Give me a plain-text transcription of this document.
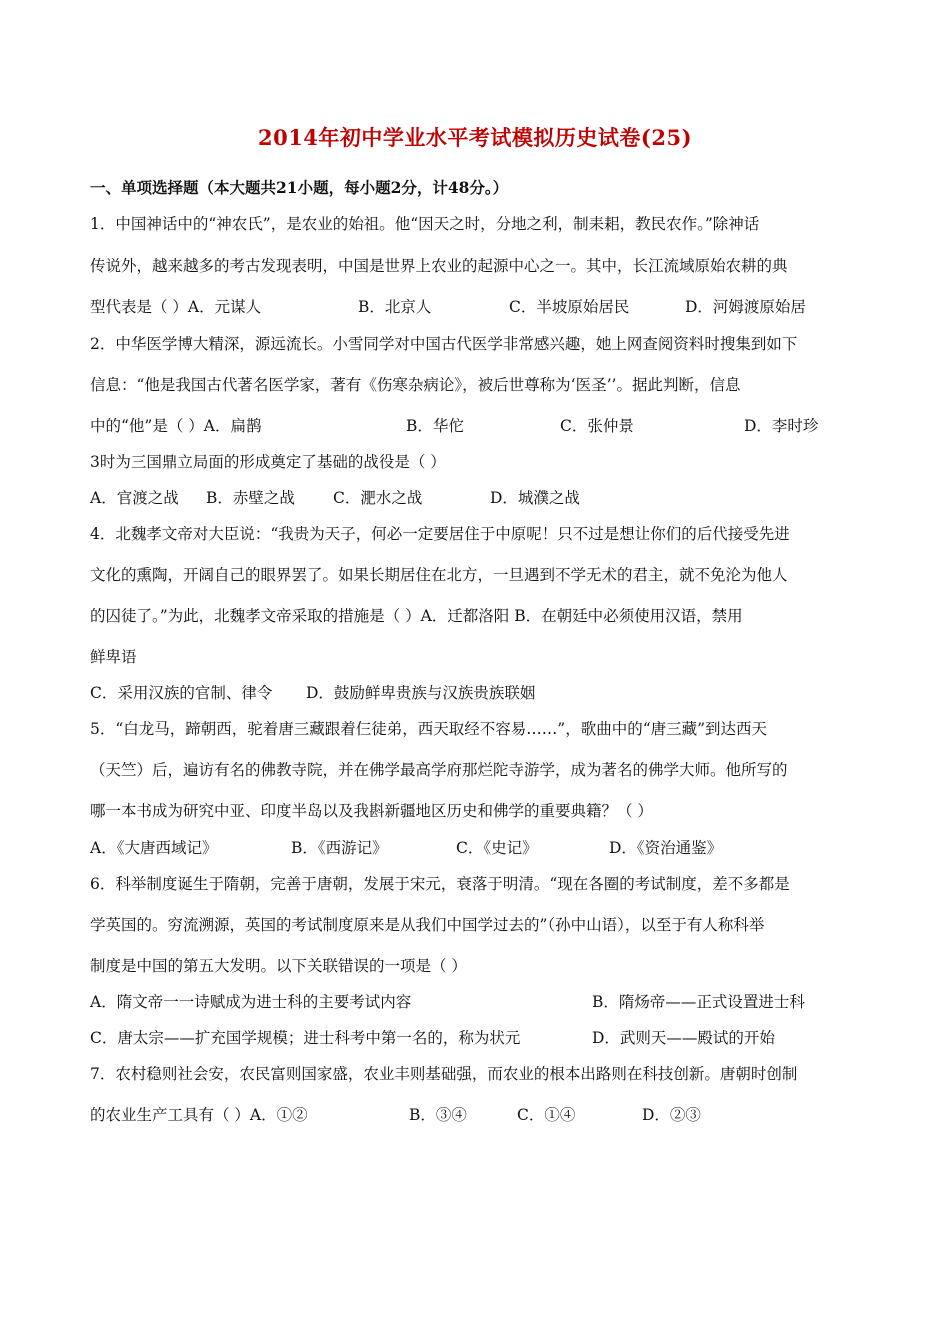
2014年初中学业水平考试模拟历史试卷(25)
一、单项选择题（本大题共21小题，每小题2分，计48分。）
1．中国神话中的“神农氏”，是农业的始祖。他“因天之时，分地之利，制耒耜，教民农作。”除神话
传说外，越来越多的考古发现表明，中国是世界上农业的起源中心之一。其中，长江流域原始农耕的典
型代表是（ ）A．元谋人	B．北京人	C．半坡原始居民	D．河姆渡原始居
2．中华医学博大精深，源远流长。小雪同学对中国古代医学非常感兴趣，她上网查阅资料时搜集到如下
信息：“他是我国古代著名医学家，著有《伤寒杂病论》，被后世尊称为‘医圣’’。据此判断，信息
中的“他”是（ ）A．扁鹊	B．华佗	C．张仲景	D．李时珍
3时为三国鼎立局面的形成奠定了基础的战役是（ ）
A．官渡之战 B．赤壁之战 C．淝水之战	D．城濮之战
4．北魏孝文帝对大臣说：“我贵为天子，何必一定要居住于中原呢！只不过是想让你们的后代接受先进
文化的熏陶，开阔自己的眼界罢了。如果长期居住在北方，一旦遇到不学无术的君主，就不免沦为他人
的囚徒了。”为此，北魏孝文帝采取的措施是（ ）A．迁都洛阳 B．在朝廷中必须使用汉语，禁用
鲜卑语
C．采用汉族的官制、律令 D．鼓励鲜卑贵族与汉族贵族联姻
5．“白龙马，蹄朝西，驼着唐三藏跟着仨徒弟，西天取经不容易……”，歌曲中的“唐三藏”到达西天
（天竺）后，遍访有名的佛教寺院，并在佛学最高学府那烂陀寺游学，成为著名的佛学大师。他所写的
哪一本书成为研究中亚、印度半岛以及我斟新疆地区历史和佛学的重要典籍？（ ）
A．《大唐西域记》	B．《西游记》	C．《史记》	D．《资治通鉴》
6．科举制度诞生于隋朝，完善于唐朝，发展于宋元，衰落于明清。“现在各圈的考试制度，差不多都是
学英国的。穷流溯源，英国的考试制度原来是从我们中国学过去的”（孙中山语），以至于有人称科举
制度是中国的第五大发明。以下关联错误的一项是（ ）
A．隋文帝一一诗赋成为进士科的主要考试内容	B．隋炀帝——正式设置进士科
C．唐太宗——扩充国学规模；进士科考中第一名的，称为状元	D．武则天——殿试的开始
7．农村稳则社会安，农民富则国家盛，农业丰则基础强，而农业的根本出路则在科技创新。唐朝时创制
的农业生产工具有（ ）A．①②	B．③④	C．①④	D．②③
